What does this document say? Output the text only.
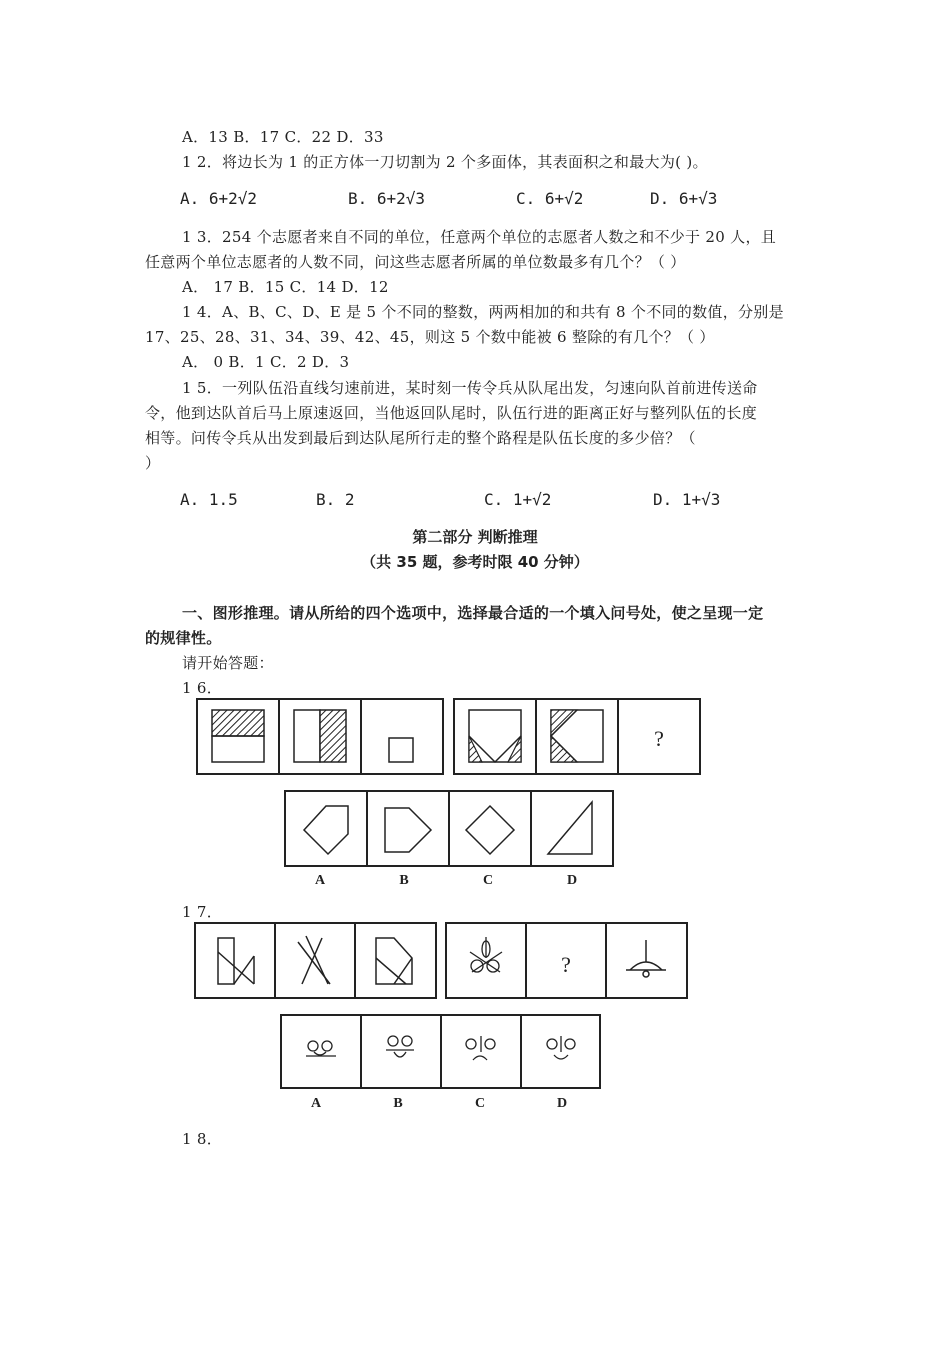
A．13 B．17 C．22 D．33
1 2．将边长为 1 的正方体一刀切割为 2 个多面体，其表面积之和最大为( )。
A. 6+2√2	B. 6+2√3	C. 6+√2	D. 6+√3
1 3．254 个志愿者来自不同的单位，任意两个单位的志愿者人数之和不少于 20 人，且
任意两个单位志愿者的人数不同，问这些志愿者所属的单位数最多有几个？（ ）
A． 17 B．15 C．14 D．12
1 4．A、B、C、D、E 是 5 个不同的整数，两两相加的和共有 8 个不同的数值，分别是
17、25、28、31、34、39、42、45，则这 5 个数中能被 6 整除的有几个？（ ）
A． 0 B．1 C．2 D．3
1 5．一列队伍沿直线匀速前进，某时刻一传令兵从队尾出发，匀速向队首前进传送命
令，他到达队首后马上原速返回，当他返回队尾时，队伍行进的距离正好与整列队伍的长度
相等。问传令兵从出发到最后到达队尾所行走的整个路程是队伍长度的多少倍？（
）
A. 1.5	B. 2	C. 1+√2	D. 1+√3
第二部分 判断推理
（共 35 题，参考时限 40 分钟）
一、图形推理。请从所给的四个选项中，选择最合适的一个填入问号处，使之呈现一定
的规律性。
请开始答题：
1 6．
?
A	B	C	D
1 7．
?
A	B	C	D
1 8．
